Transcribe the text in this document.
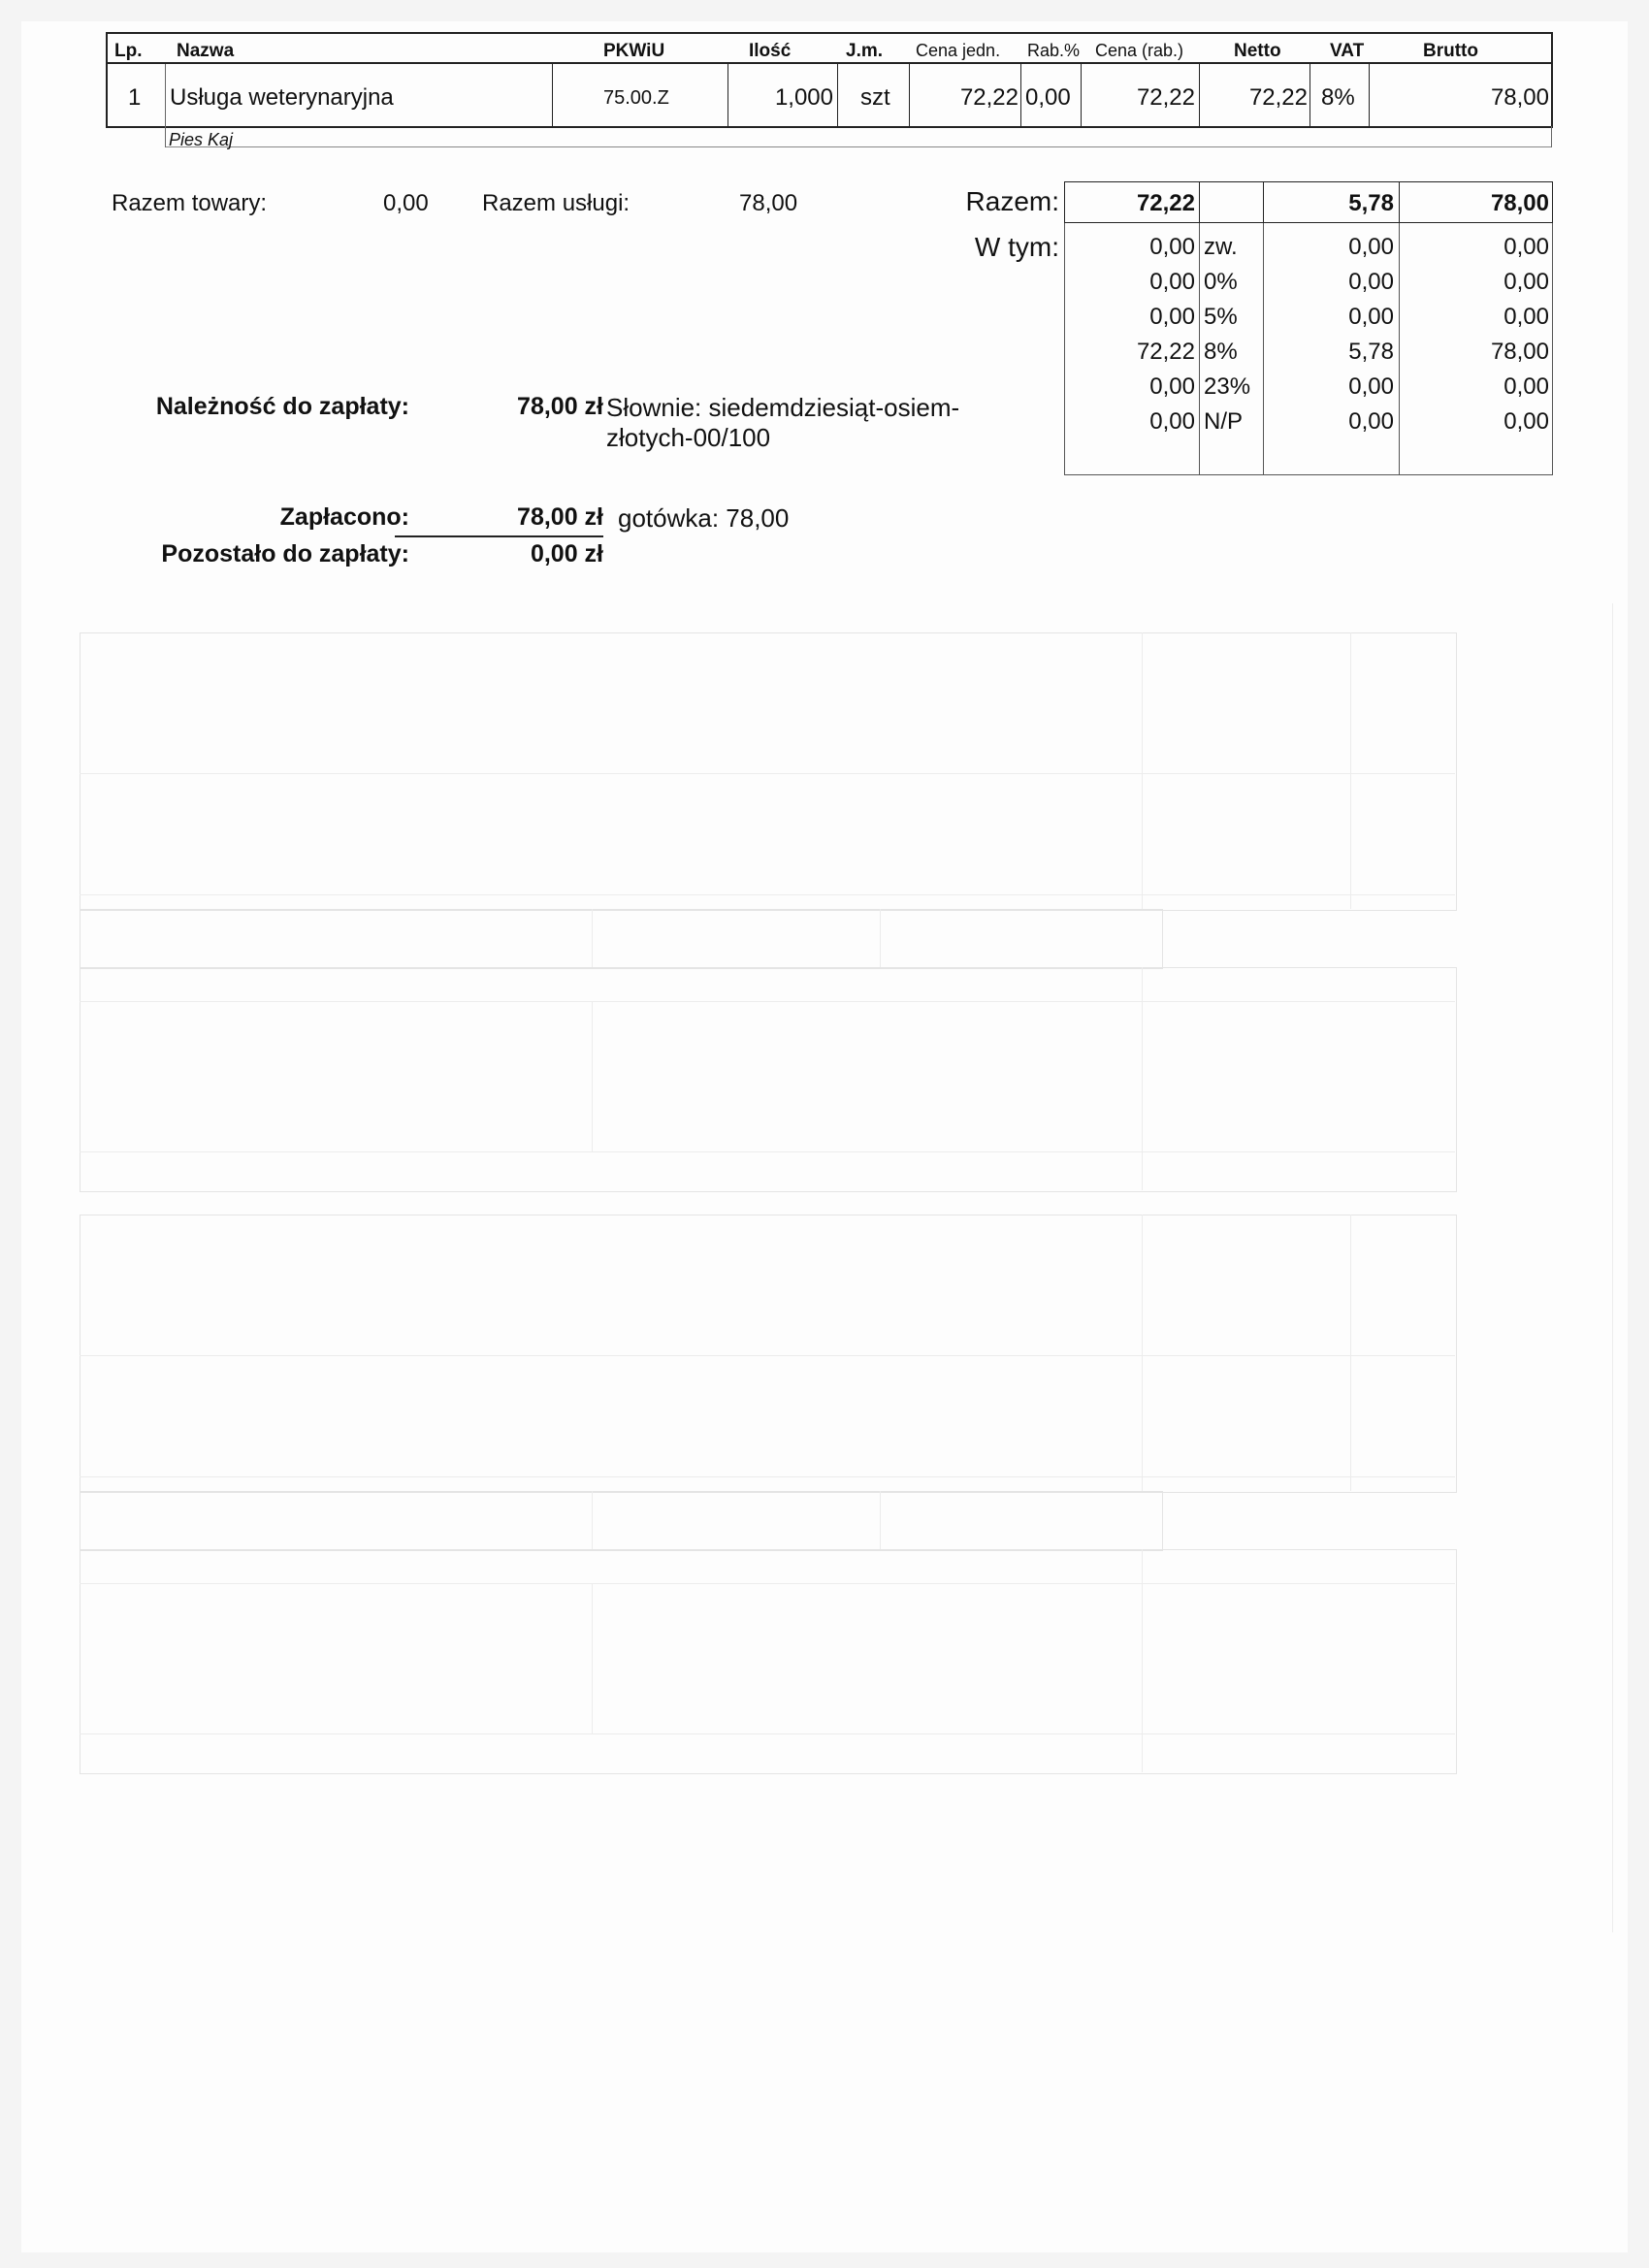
Lp. Nazwa	PKWiU	Ilość	J.m. Cena jedn. Rab.% Cena (rab.)	Netto	VAT	Brutto
1 Usługa weterynaryjna	75.00.Z	1,000 szt	72,22 0,00	72,22	72,22 8%	78,00
Pies Kaj
Razem towary:	0,00 Razem usługi:	78,00	Razem:	72,22	5,78	78,00
W tym:	0,00 zw.	0,00	0,00
0,00 0%	0,00	0,00
0,00 5%	0,00	0,00
72,22 8%	5,78	78,00
0,00 23%	0,00	0,00
0,00 N/P	0,00	0,00
Należność do zapłaty:	78,00 zł Słownie: siedemdziesiąt-osiem-
złotych-00/100
Zapłacono:	78,00 zł gotówka: 78,00
Pozostało do zapłaty:	0,00 zł
